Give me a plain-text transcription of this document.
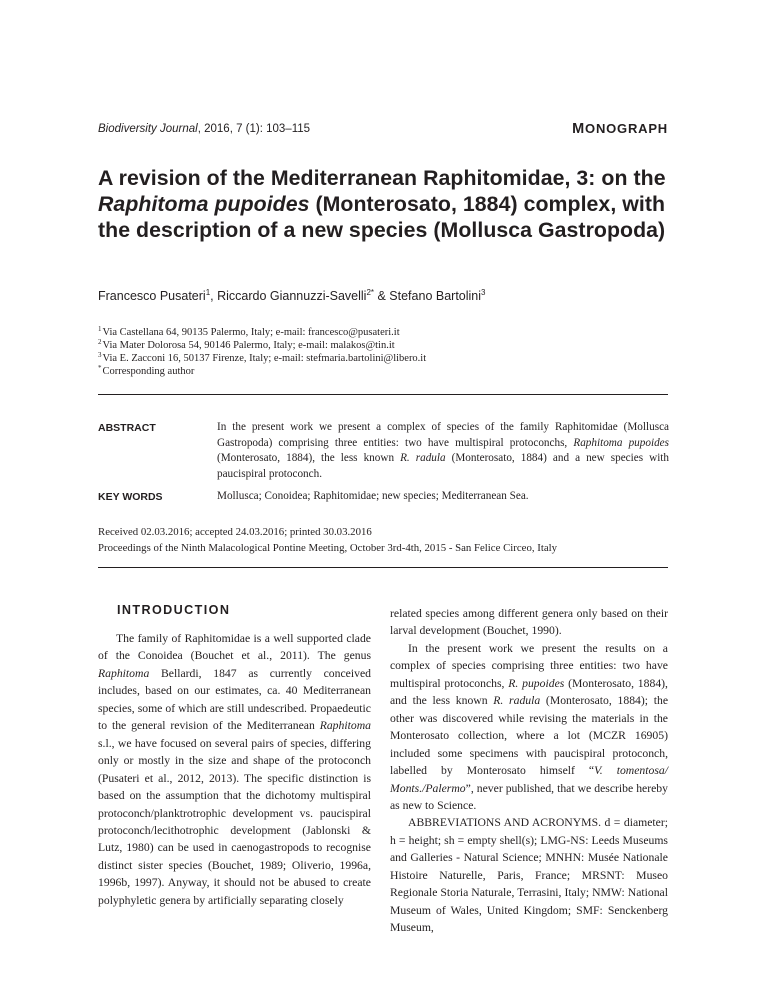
Biodiversity Journal, 2016, 7 (1): 103–115	MONOGRAPH
A revision of the Mediterranean Raphitomidae, 3: on the Raphitoma pupoides (Monterosato, 1884) complex, with the description of a new species (Mollusca Gastropoda)
Francesco Pusateri$^1$, Riccardo Giannuzzi-Savelli$^{2*}$ & Stefano Bartolini$^3$
$^1$Via Castellana 64, 90135 Palermo, Italy; e-mail: francesco@pusateri.it
$^2$Via Mater Dolorosa 54, 90146 Palermo, Italy; e-mail: malakos@tin.it
$^3$Via E. Zacconi 16, 50137 Firenze, Italy; e-mail: stefmaria.bartolini@libero.it
*Corresponding author
ABSTRACT	In the present work we present a complex of species of the family Raphitomidae (Mollusca Gastropoda) comprising three entities: two have multispiral protoconchs, Raphitoma pupoides (Monterosato, 1884), the less known R. radula (Monterosato, 1884) and a new species with paucispiral protoconch.
KEY WORDS	Mollusca; Conoidea; Raphitomidae; new species; Mediterranean Sea.
Received 02.03.2016; accepted 24.03.2016; printed 30.03.2016
Proceedings of the Ninth Malacological Pontine Meeting, October 3rd-4th, 2015 - San Felice Circeo, Italy
INTRODUCTION

The family of Raphitomidae is a well supported clade of the Conoidea (Bouchet et al., 2011). The genus Raphitoma Bellardi, 1847 as currently conceived includes, based on our estimates, ca. 40 Mediterranean species, some of which are still undescribed. Propaedeutic to the general revision of the Mediterranean Raphitoma s.l., we have focused on several pairs of species, differing only or mostly in the size and shape of the protoconch (Pusateri et al., 2012, 2013). The specific distinction is based on the assumption that the dichotomy multispiral protoconch/planktrotrophic development vs. paucispiral protoconch/lecithotrophic development (Jablonski & Lutz, 1980) can be used in caenogastropods to recognise distinct sister species (Bouchet, 1989; Oliverio, 1996a, 1996b, 1997). Anyway, it should not be abused to create polyphyletic genera by artificially separating closely

related species among different genera only based on their larval development (Bouchet, 1990).

In the present work we present the results on a complex of species comprising three entities: two have multispiral protoconchs, R. pupoides (Monterosato, 1884), and the less known R. radula (Monterosato, 1884); the other was discovered while revising the materials in the Monterosato collection, where a lot (MCZR 16905) included some specimens with paucispiral protoconch, labelled by Monterosato himself “V. tomentosa/ Monts./Palermo”, never published, that we describe hereby as new to Science.

ABBREVIATIONS AND ACRONYMS. d = diameter; h = height; sh = empty shell(s); LMG-NS: Leeds Museums and Galleries - Natural Science; MNHN: Musée Nationale Histoire Naturelle, Paris, France; MRSNT: Museo Regionale Storia Naturale, Terrasini, Italy; NMW: National Museum of Wales, United Kingdom; SMF: Senckenberg Museum,
